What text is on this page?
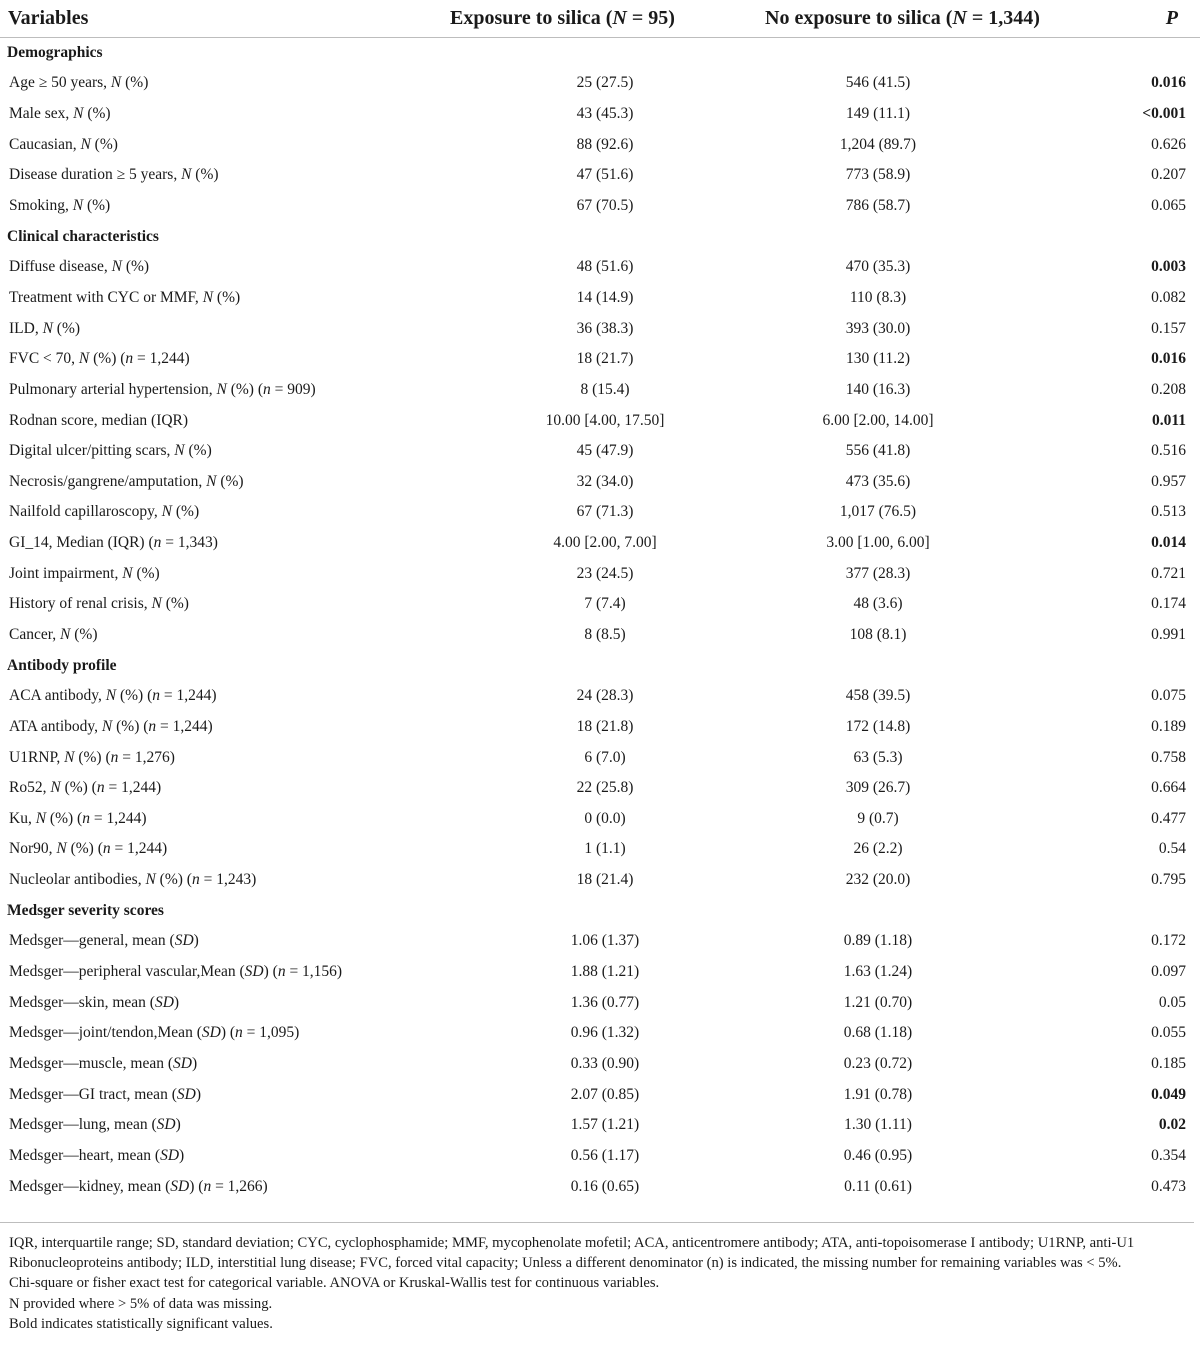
Variables	Exposure to silica (N = 95)	No exposure to silica (N = 1,344)	P
Demographics			
Age ≥ 50 years, N (%)	25 (27.5)	546 (41.5)	0.016
Male sex, N (%)	43 (45.3)	149 (11.1)	<0.001
Caucasian, N (%)	88 (92.6)	1,204 (89.7)	0.626
Disease duration ≥ 5 years, N (%)	47 (51.6)	773 (58.9)	0.207
Smoking, N (%)	67 (70.5)	786 (58.7)	0.065
Clinical characteristics			
Diffuse disease, N (%)	48 (51.6)	470 (35.3)	0.003
Treatment with CYC or MMF, N (%)	14 (14.9)	110 (8.3)	0.082
ILD, N (%)	36 (38.3)	393 (30.0)	0.157
FVC < 70, N (%) (n = 1,244)	18 (21.7)	130 (11.2)	0.016
Pulmonary arterial hypertension, N (%) (n = 909)	8 (15.4)	140 (16.3)	0.208
Rodnan score, median (IQR)	10.00 [4.00, 17.50]	6.00 [2.00, 14.00]	0.011
Digital ulcer/pitting scars, N (%)	45 (47.9)	556 (41.8)	0.516
Necrosis/gangrene/amputation, N (%)	32 (34.0)	473 (35.6)	0.957
Nailfold capillaroscopy, N (%)	67 (71.3)	1,017 (76.5)	0.513
GI_14, Median (IQR) (n = 1,343)	4.00 [2.00, 7.00]	3.00 [1.00, 6.00]	0.014
Joint impairment, N (%)	23 (24.5)	377 (28.3)	0.721
History of renal crisis, N (%)	7 (7.4)	48 (3.6)	0.174
Cancer, N (%)	8 (8.5)	108 (8.1)	0.991
Antibody profile			
ACA antibody, N (%) (n = 1,244)	24 (28.3)	458 (39.5)	0.075
ATA antibody, N (%) (n = 1,244)	18 (21.8)	172 (14.8)	0.189
U1RNP, N (%) (n = 1,276)	6 (7.0)	63 (5.3)	0.758
Ro52, N (%) (n = 1,244)	22 (25.8)	309 (26.7)	0.664
Ku, N (%) (n = 1,244)	0 (0.0)	9 (0.7)	0.477
Nor90, N (%) (n = 1,244)	1 (1.1)	26 (2.2)	0.54
Nucleolar antibodies, N (%) (n = 1,243)	18 (21.4)	232 (20.0)	0.795
Medsger severity scores			
Medsger—general, mean (SD)	1.06 (1.37)	0.89 (1.18)	0.172
Medsger—peripheral vascular,Mean (SD) (n = 1,156)	1.88 (1.21)	1.63 (1.24)	0.097
Medsger—skin, mean (SD)	1.36 (0.77)	1.21 (0.70)	0.05
Medsger—joint/tendon,Mean (SD) (n = 1,095)	0.96 (1.32)	0.68 (1.18)	0.055
Medsger—muscle, mean (SD)	0.33 (0.90)	0.23 (0.72)	0.185
Medsger—GI tract, mean (SD)	2.07 (0.85)	1.91 (0.78)	0.049
Medsger—lung, mean (SD)	1.57 (1.21)	1.30 (1.11)	0.02
Medsger—heart, mean (SD)	0.56 (1.17)	0.46 (0.95)	0.354
Medsger—kidney, mean (SD) (n = 1,266)	0.16 (0.65)	0.11 (0.61)	0.473

IQR, interquartile range; SD, standard deviation; CYC, cyclophosphamide; MMF, mycophenolate mofetil; ACA, anticentromere antibody; ATA, anti-topoisomerase I antibody; U1RNP, anti-U1 Ribonucleoproteins antibody; ILD, interstitial lung disease; FVC, forced vital capacity; Unless a different denominator (n) is indicated, the missing number for remaining variables was < 5%.

Chi-square or fisher exact test for categorical variable. ANOVA or Kruskal-Wallis test for continuous variables.

N provided where > 5% of data was missing.

Bold indicates statistically significant values.
